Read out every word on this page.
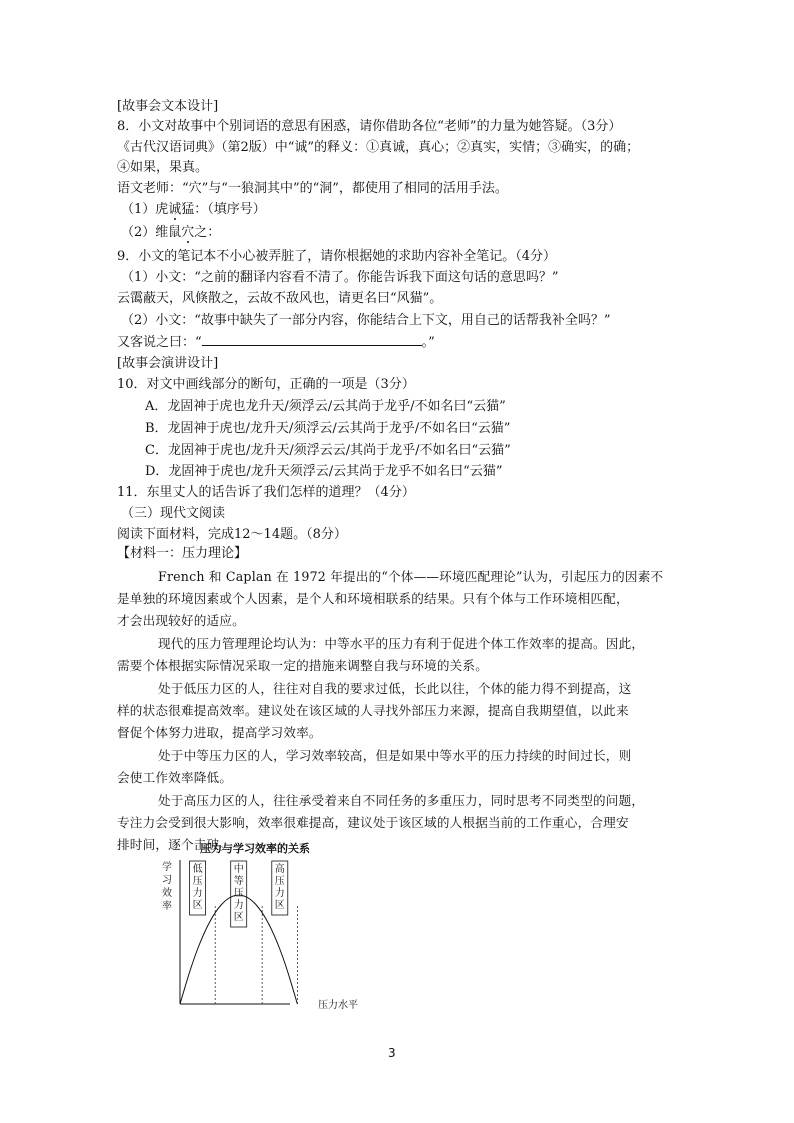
[故事会文本设计]
8．小文对故事中个别词语的意思有困惑，请你借助各位“老师”的力量为她答疑。（3分）
《古代汉语词典》（第2版）中“诚”的释义：①真诚，真心；②真实，实情；③确实，的确；
④如果，果真。
语文老师：“穴”与“一狼洞其中”的“洞”，都使用了相同的活用手法。
（1）虎诚猛：（填序号）
（2）维鼠穴之：
9．小文的笔记本不小心被弄脏了，请你根据她的求助内容补全笔记。（4分）
（1）小文：“之前的翻译内容看不清了。你能告诉我下面这句话的意思吗？”
云霭蔽天，风倏散之，云故不敌风也，请更名曰“风猫”。
（2）小文：“故事中缺失了一部分内容，你能结合上下文，用自己的话帮我补全吗？”
又客说之曰：“	。”
[故事会演讲设计]
10．对文中画线部分的断句，正确的一项是（3分）
A．龙固神于虎也龙升天/须浮云/云其尚于龙乎/不如名曰“云猫”
B．龙固神于虎也/龙升天/须浮云/云其尚于龙乎/不如名曰“云猫”
C．龙固神于虎也/龙升天/须浮云云/其尚于龙乎/不如名曰“云猫”
D．龙固神于虎也/龙升天须浮云/云其尚于龙乎不如名曰“云猫”
11．东里丈人的话告诉了我们怎样的道理？（4分）
（三）现代文阅读
阅读下面材料，完成12～14题。（8分）
【材料一：压力理论】
French 和 Caplan 在 1972 年提出的“个体——环境匹配理论”认为，引起压力的因素不
是单独的环境因素或个人因素，是个人和环境相联系的结果。只有个体与工作环境相匹配，
才会出现较好的适应。
现代的压力管理理论均认为：中等水平的压力有利于促进个体工作效率的提高。因此，
需要个体根据实际情况采取一定的措施来调整自我与环境的关系。
处于低压力区的人，往往对自我的要求过低，长此以往，个体的能力得不到提高，这
样的状态很难提高效率。建议处在该区域的人寻找外部压力来源，提高自我期望值，以此来
督促个体努力进取，提高学习效率。
处于中等压力区的人，学习效率较高，但是如果中等水平的压力持续的时间过长，则
会使工作效率降低。
处于高压力区的人，往往承受着来自不同任务的多重压力，同时思考不同类型的问题，
专注力会受到很大影响，效率很难提高，建议处于该区域的人根据当前的工作重心，合理安
排时间，逐个击破。
压力与学习效率的关系
学习效率
压力水平
低压力区
中等压力区
高压力区
3
